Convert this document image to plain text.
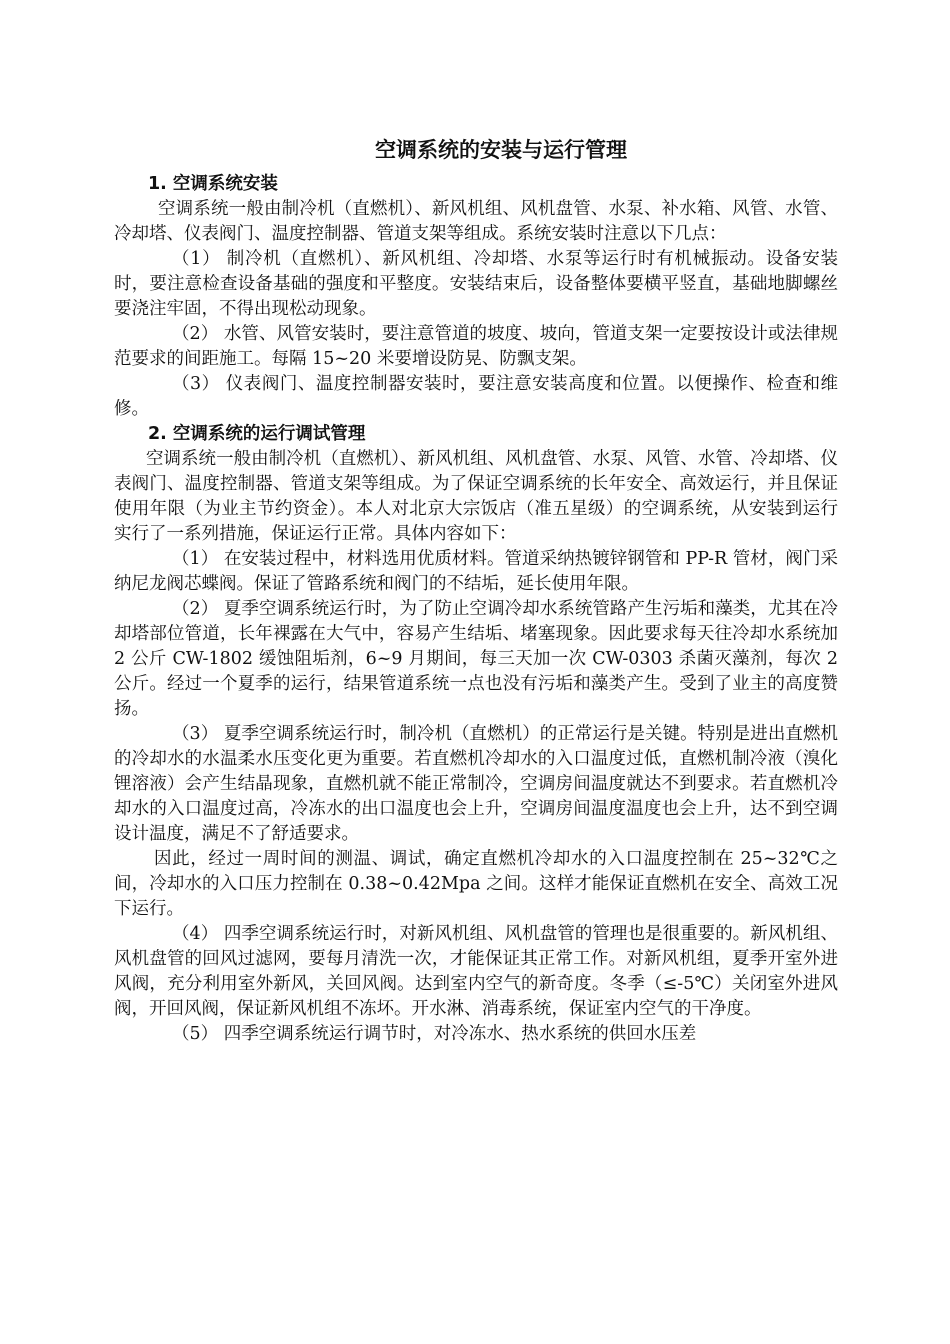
空调系统的安装与运行管理
1. 空调系统安装

空调系统一般由制冷机（直燃机）、新风机组、风机盘管、水泵、补水箱、风管、水管、冷却塔、仪表阀门、温度控制器、管道支架等组成。系统安装时注意以下几点：

（1） 制冷机（直燃机）、新风机组、冷却塔、水泵等运行时有机械振动。设备安装时，要注意检查设备基础的强度和平整度。安装结束后，设备整体要横平竖直，基础地脚螺丝要浇注牢固，不得出现松动现象。

（2） 水管、风管安装时，要注意管道的坡度、坡向，管道支架一定要按设计或法律规范要求的间距施工。每隔 15~20 米要增设防晃、防飘支架。

（3） 仪表阀门、温度控制器安装时，要注意安装高度和位置。以便操作、检查和维修。

2. 空调系统的运行调试管理

空调系统一般由制冷机（直燃机）、新风机组、风机盘管、水泵、风管、水管、冷却塔、仪表阀门、温度控制器、管道支架等组成。为了保证空调系统的长年安全、高效运行，并且保证使用年限（为业主节约资金）。本人对北京大宗饭店（准五星级）的空调系统，从安装到运行实行了一系列措施，保证运行正常。具体内容如下：

（1） 在安装过程中，材料选用优质材料。管道采纳热镀锌钢管和 PP-R 管材，阀门采纳尼龙阀芯蝶阀。保证了管路系统和阀门的不结垢，延长使用年限。

（2） 夏季空调系统运行时，为了防止空调冷却水系统管路产生污垢和藻类，尤其在冷却塔部位管道，长年裸露在大气中，容易产生结垢、堵塞现象。因此要求每天往冷却水系统加 2 公斤 CW-1802 缓蚀阻垢剂，6~9 月期间，每三天加一次 CW-0303 杀菌灭藻剂，每次 2 公斤。经过一个夏季的运行，结果管道系统一点也没有污垢和藻类产生。受到了业主的高度赞扬。

（3） 夏季空调系统运行时，制冷机（直燃机）的正常运行是关键。特别是进出直燃机的冷却水的水温柔水压变化更为重要。若直燃机冷却水的入口温度过低，直燃机制冷液（溴化锂溶液）会产生结晶现象，直燃机就不能正常制冷，空调房间温度就达不到要求。若直燃机冷却水的入口温度过高，冷冻水的出口温度也会上升，空调房间温度温度也会上升，达不到空调设计温度，满足不了舒适要求。

因此，经过一周时间的测温、调试，确定直燃机冷却水的入口温度控制在 25~32℃之间，冷却水的入口压力控制在 0.38~0.42Mpa 之间。这样才能保证直燃机在安全、高效工况下运行。

（4） 四季空调系统运行时，对新风机组、风机盘管的管理也是很重要的。新风机组、风机盘管的回风过滤网，要每月清洗一次，才能保证其正常工作。对新风机组，夏季开室外进风阀，充分利用室外新风，关回风阀。达到室内空气的新奇度。冬季（≤-5℃）关闭室外进风阀，开回风阀，保证新风机组不冻坏。开水淋、消毒系统，保证室内空气的干净度。

（5） 四季空调系统运行调节时，对冷冻水、热水系统的供回水压差
